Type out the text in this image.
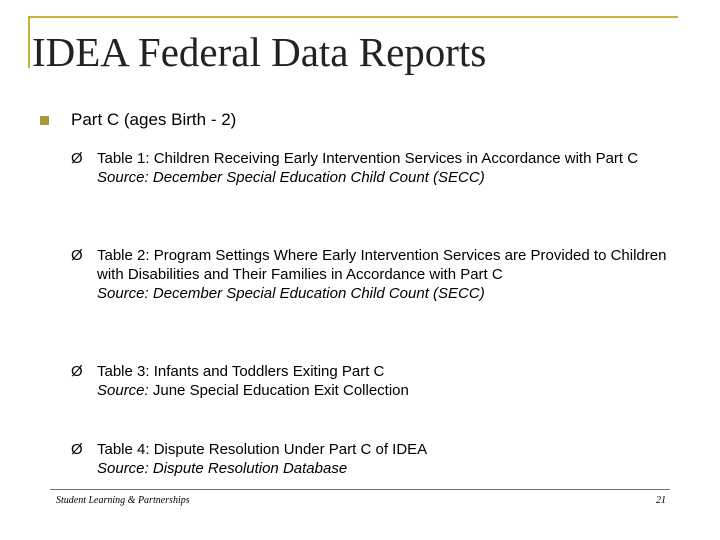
IDEA Federal Data Reports
Part C (ages Birth - 2)
Ø Table 1: Children Receiving Early Intervention Services in Accordance with Part C
Source: December Special Education Child Count (SECC)
Ø Table 2: Program Settings Where Early Intervention Services are Provided to Children with Disabilities and Their Families in Accordance with Part C
Source: December Special Education Child Count (SECC)
Ø Table 3: Infants and Toddlers Exiting Part C
Source: June Special Education Exit Collection
Ø Table 4: Dispute Resolution Under Part C of IDEA
Source: Dispute Resolution Database
Student Learning & Partnerships	21
